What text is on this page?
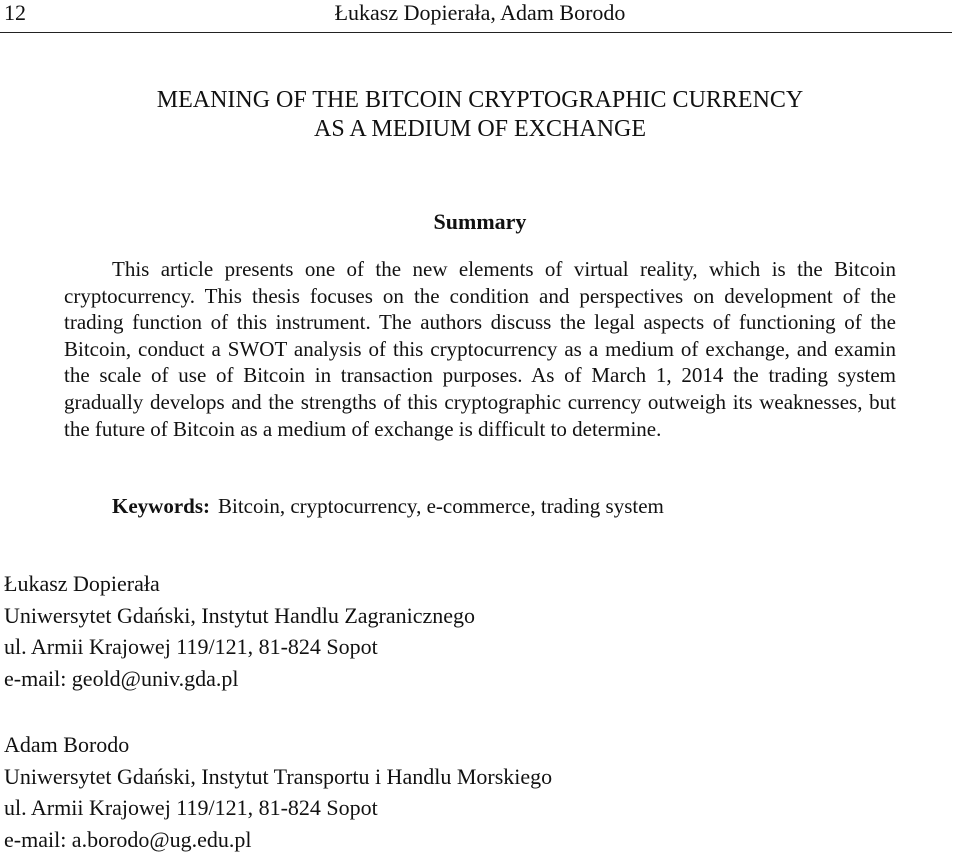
12	Łukasz Dopierała, Adam Borodo
MEANING OF THE BITCOIN CRYPTOGRAPHIC CURRENCY
AS A MEDIUM OF EXCHANGE
Summary

This article presents one of the new elements of virtual reality, which is the Bitcoin cryptocurrency. This thesis focuses on the condition and perspectives on development of the trading function of this instrument. The authors discuss the legal aspects of functioning of the Bitcoin, conduct a SWOT analysis of this cryptocurrency as a medium of exchange, and examin the scale of use of Bitcoin in transaction purposes. As of March 1, 2014 the trading system gradually develops and the strengths of this cryptographic currency outweigh its weaknesses, but the future of Bitcoin as a medium of exchange is difficult to determine.

Keywords: Bitcoin, cryptocurrency, e-commerce, trading system
Łukasz Dopierała
Uniwersytet Gdański, Instytut Handlu Zagranicznego
ul. Armii Krajowej 119/121, 81-824 Sopot
e-mail: geold@univ.gda.pl
Adam Borodo
Uniwersytet Gdański, Instytut Transportu i Handlu Morskiego
ul. Armii Krajowej 119/121, 81-824 Sopot
e-mail: a.borodo@ug.edu.pl
